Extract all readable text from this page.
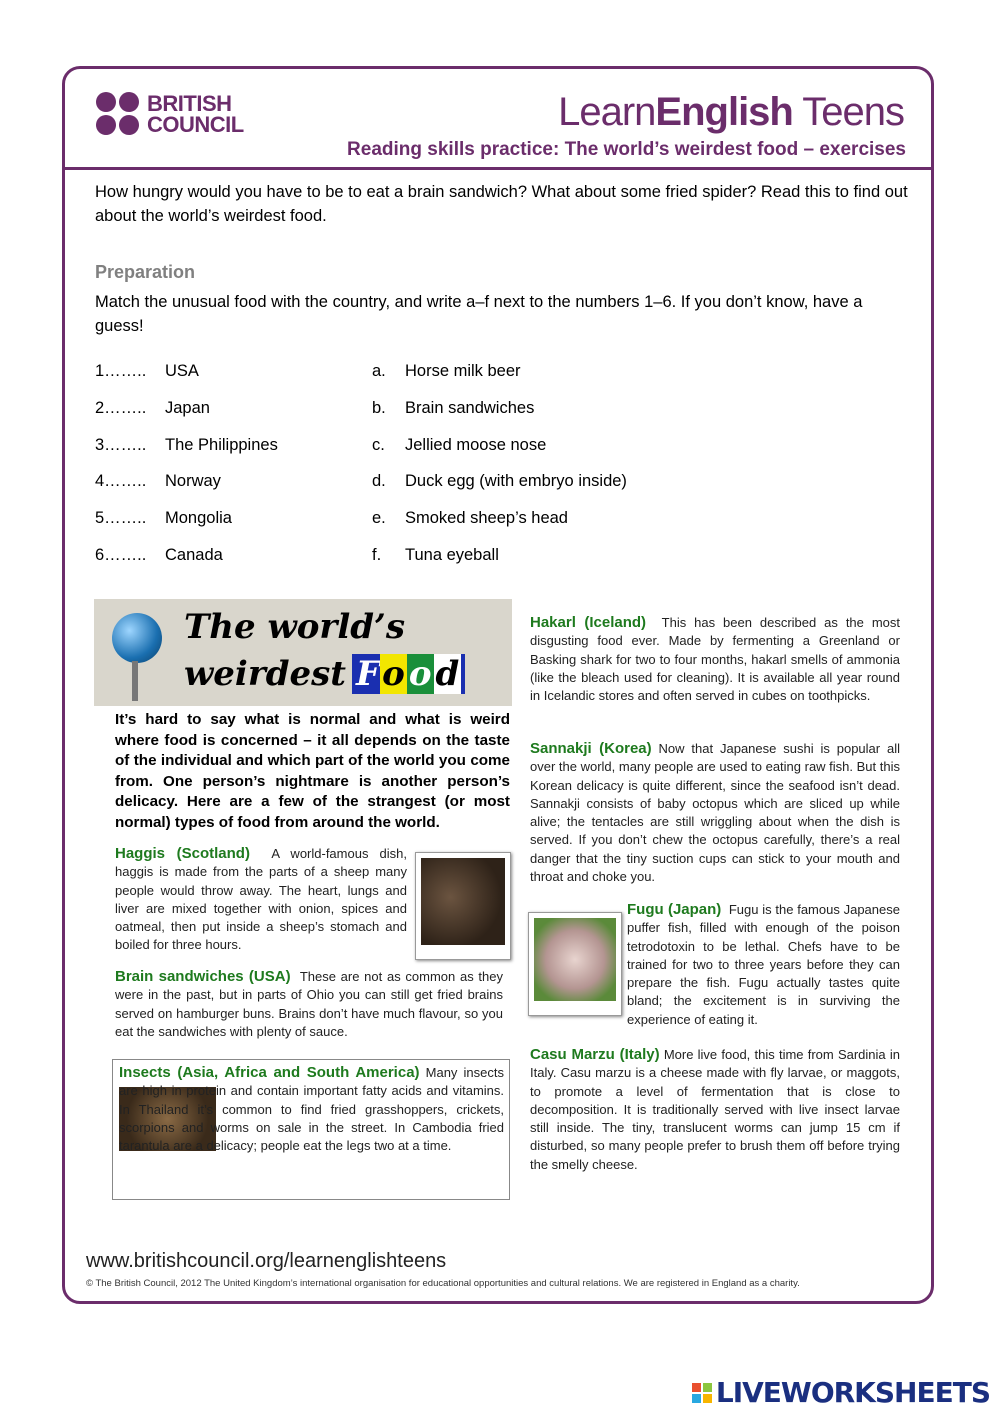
BRITISH
COUNCIL	LearnEnglish Teens
Reading skills practice: The world’s weirdest food – exercises
How hungry would you have to be to eat a brain sandwich? What about some fried spider? Read this to find out about the world’s weirdest food.
Preparation
Match the unusual food with the country, and write a–f next to the numbers 1–6. If you don’t know, have a guess!
1…….. USA	a. Horse milk beer
2…….. Japan	b. Brain sandwiches
3…….. The Philippines	c. Jellied moose nose
4…….. Norway	d. Duck egg (with embryo inside)
5…….. Mongolia	e. Smoked sheep’s head
6…….. Canada	f. Tuna eyeball
The world’s
weirdest Fo o d
It’s hard to say what is normal and what is weird where food is concerned – it all depends on the taste of the individual and which part of the world you come from. One person’s nightmare is another person’s delicacy. Here are a few of the strangest (or most normal) types of food from around the world.
Haggis (Scotland) A world-famous dish, haggis is made from the parts of a sheep many people would throw away. The heart, lungs and liver are mixed together with onion, spices and oatmeal, then put inside a sheep’s stomach and boiled for three hours.
Brain sandwiches (USA) These are not as common as they were in the past, but in parts of Ohio you can still get fried brains served on hamburger buns. Brains don’t have much flavour, so you eat the sandwiches with plenty of sauce.
Insects (Asia, Africa and South America) Many insects are high in protein and contain important fatty acids and vitamins. In Thailand it’s common to find fried grasshoppers, crickets, scorpions and worms on sale in the street. In Cambodia fried tarantula are a delicacy; people eat the legs two at a time.
Hakarl (Iceland) This has been described as the most disgusting food ever. Made by fermenting a Greenland or Basking shark for two to four months, hakarl smells of ammonia (like the bleach used for cleaning). It is available all year round in Icelandic stores and often served in cubes on toothpicks.
Sannakji (Korea) Now that Japanese sushi is popular all over the world, many people are used to eating raw fish. But this Korean delicacy is quite different, since the seafood isn’t dead. Sannakji consists of baby octopus which are sliced up while alive; the tentacles are still wriggling about when the dish is served. If you don’t chew the octopus carefully, there’s a real danger that the tiny suction cups can stick to your mouth and throat and choke you.
Fugu (Japan) Fugu is the famous Japanese puffer fish, filled with enough of the poison tetrodotoxin to be lethal. Chefs have to be trained for two to three years before they can prepare the fish. Fugu actually tastes quite bland; the excitement is in surviving the experience of eating it.
Casu Marzu (Italy) More live food, this time from Sardinia in Italy. Casu marzu is a cheese made with fly larvae, or maggots, to promote a level of fermentation that is close to decomposition. It is traditionally served with live insect larvae still inside. The tiny, translucent worms can jump 15 cm if disturbed, so many people prefer to brush them off before trying the smelly cheese.
www.britishcouncil.org/learnenglishteens
© The British Council, 2012 The United Kingdom’s international organisation for educational opportunities and cultural relations. We are registered in England as a charity.
LIVEWORKSHEETS
